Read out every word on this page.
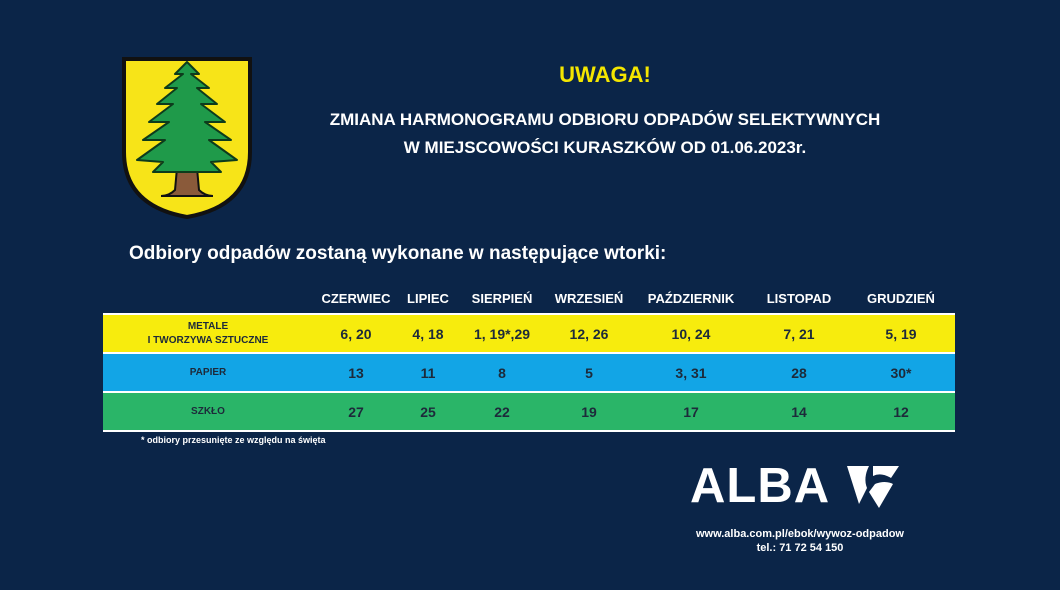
UWAGA!
ZMIANA HARMONOGRAMU ODBIORU ODPADÓW SELEKTYWNYCH
W MIEJSCOWOŚCI KURASZKÓW OD 01.06.2023r.
Odbiory odpadów zostaną wykonane w następujące wtorki:
	CZERWIEC	LIPIEC	SIERPIEŃ	WRZESIEŃ	PAŹDZIERNIK	LISTOPAD	GRUDZIEŃ

METALE
I TWORZYWA SZTUCZNE	6, 20	4, 18	1, 19*,29	12, 26	10, 24	7, 21	5, 19
PAPIER	13	11	8	5	3, 31	28	30*
SZKŁO	27	25	22	19	17	14	12
* odbiory przesunięte ze względu na święta
ALBA
www.alba.com.pl/ebok/wywoz-odpadow
tel.: 71 72 54 150
